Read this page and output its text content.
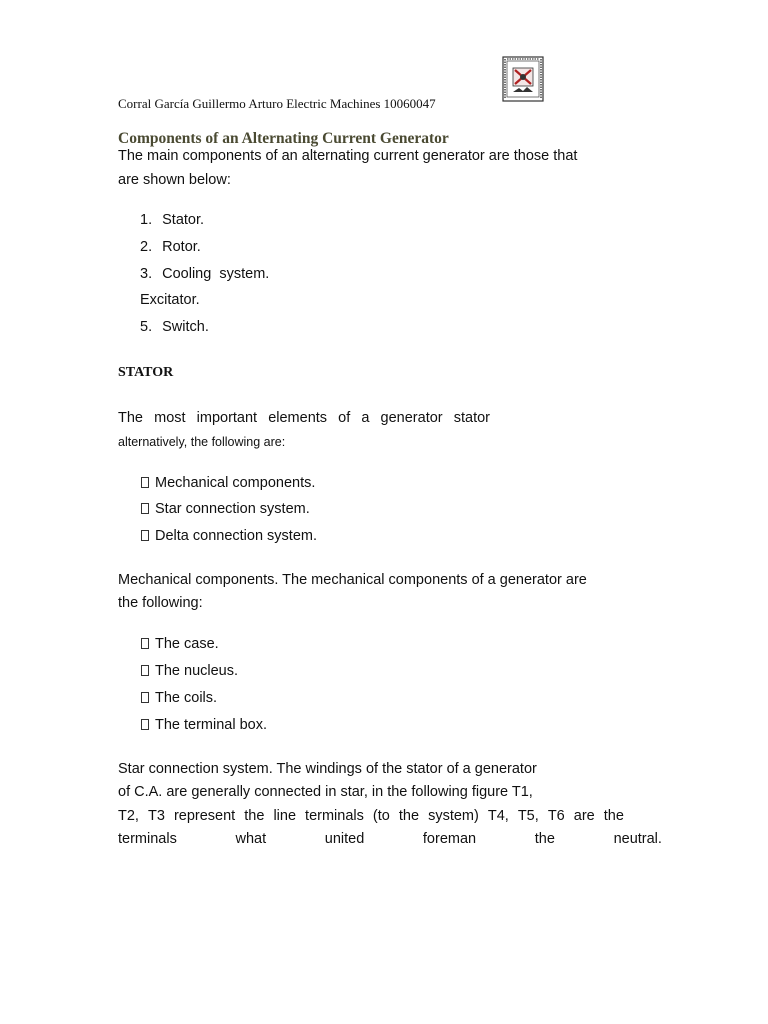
Corral García Guillermo Arturo Electric Machines 10060047
Components of an Alternating Current Generator
The main components of an alternating current generator are those that
are shown below:
1. Stator.
2. Rotor.
3. Cooling  system.
Excitator.
5. Switch.
STATOR
The most important elements of a generator stator
alternatively, the following are:
Mechanical components.
Star connection system.
Delta connection system.
Mechanical components. The mechanical components of a generator are
the following:
The case.
The nucleus.
The coils.
The terminal box.
Star connection system. The windings of the stator of a generator
of C.A. are generally connected in star, in the following figure T1,
T2, T3 represent the line terminals (to the system) T4, T5, T6 are the
terminals	what	united	foreman	the	neutral.
